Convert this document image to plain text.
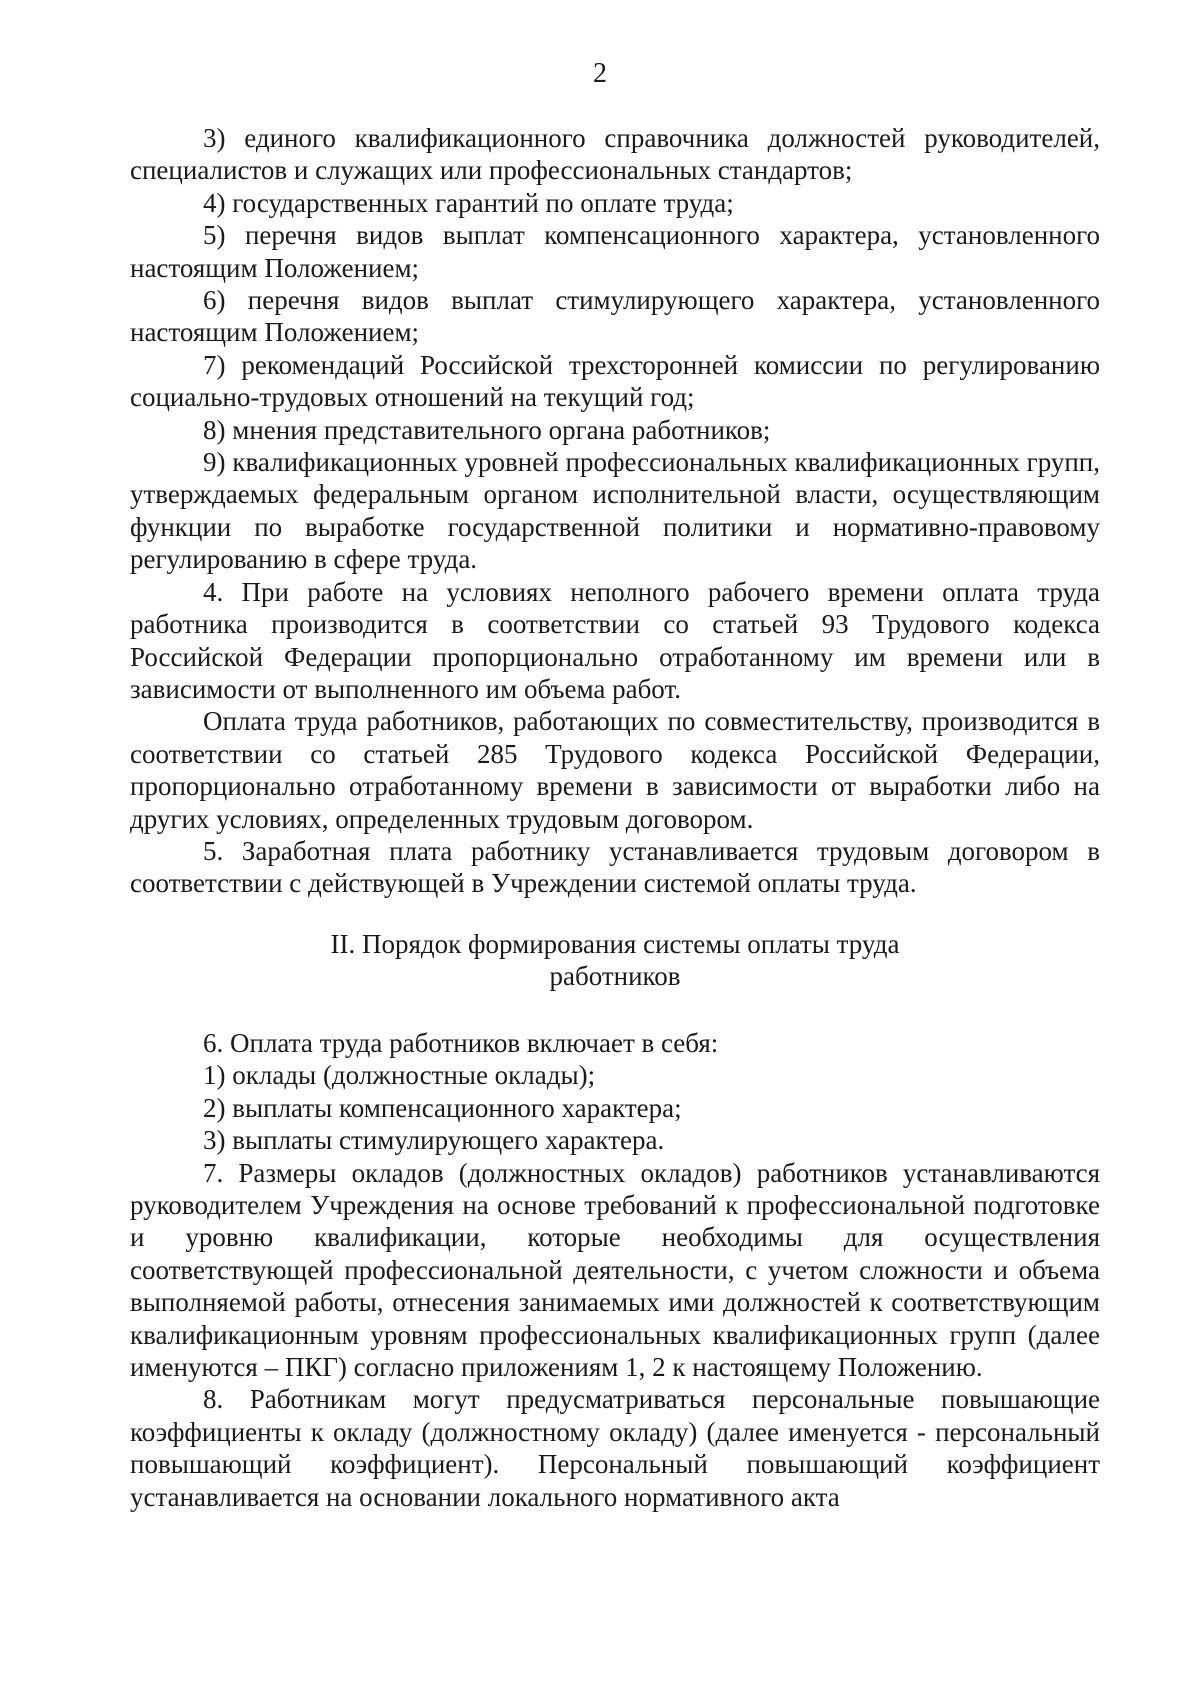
2

3) единого квалификационного справочника должностей руководителей, специалистов и служащих или профессиональных стандартов;

4) государственных гарантий по оплате труда;

5) перечня видов выплат компенсационного характера, установленного настоящим Положением;

6) перечня видов выплат стимулирующего характера, установленного настоящим Положением;

7) рекомендаций Российской трехсторонней комиссии по регулированию социально-трудовых отношений на текущий год;

8) мнения представительного органа работников;

9) квалификационных уровней профессиональных квалификационных групп, утверждаемых федеральным органом исполнительной власти, осуществляющим функции по выработке государственной политики и нормативно-правовому регулированию в сфере труда.

4. При работе на условиях неполного рабочего времени оплата труда работника производится в соответствии со статьей 93 Трудового кодекса Российской Федерации пропорционально отработанному им времени или в зависимости от выполненного им объема работ.

Оплата труда работников, работающих по совместительству, производится в соответствии со статьей 285 Трудового кодекса Российской Федерации, пропорционально отработанному времени в зависимости от выработки либо на других условиях, определенных трудовым договором.

5. Заработная плата работнику устанавливается трудовым договором в соответствии с действующей в Учреждении системой оплаты труда.

II. Порядок формирования системы оплаты труда
работников

6. Оплата труда работников включает в себя:

1) оклады (должностные оклады);

2) выплаты компенсационного характера;

3) выплаты стимулирующего характера.

7. Размеры окладов (должностных окладов) работников устанавливаются руководителем Учреждения на основе требований к профессиональной подготовке и уровню квалификации, которые необходимы для осуществления соответствующей профессиональной деятельности, с учетом сложности и объема выполняемой работы, отнесения занимаемых ими должностей к соответствующим квалификационным уровням профессиональных квалификационных групп (далее именуются – ПКГ) согласно приложениям 1, 2 к настоящему Положению.

8. Работникам могут предусматриваться персональные повышающие коэффициенты к окладу (должностному окладу) (далее именуется - персональный повышающий коэффициент). Персональный повышающий коэффициент устанавливается на основании локального нормативного акта
